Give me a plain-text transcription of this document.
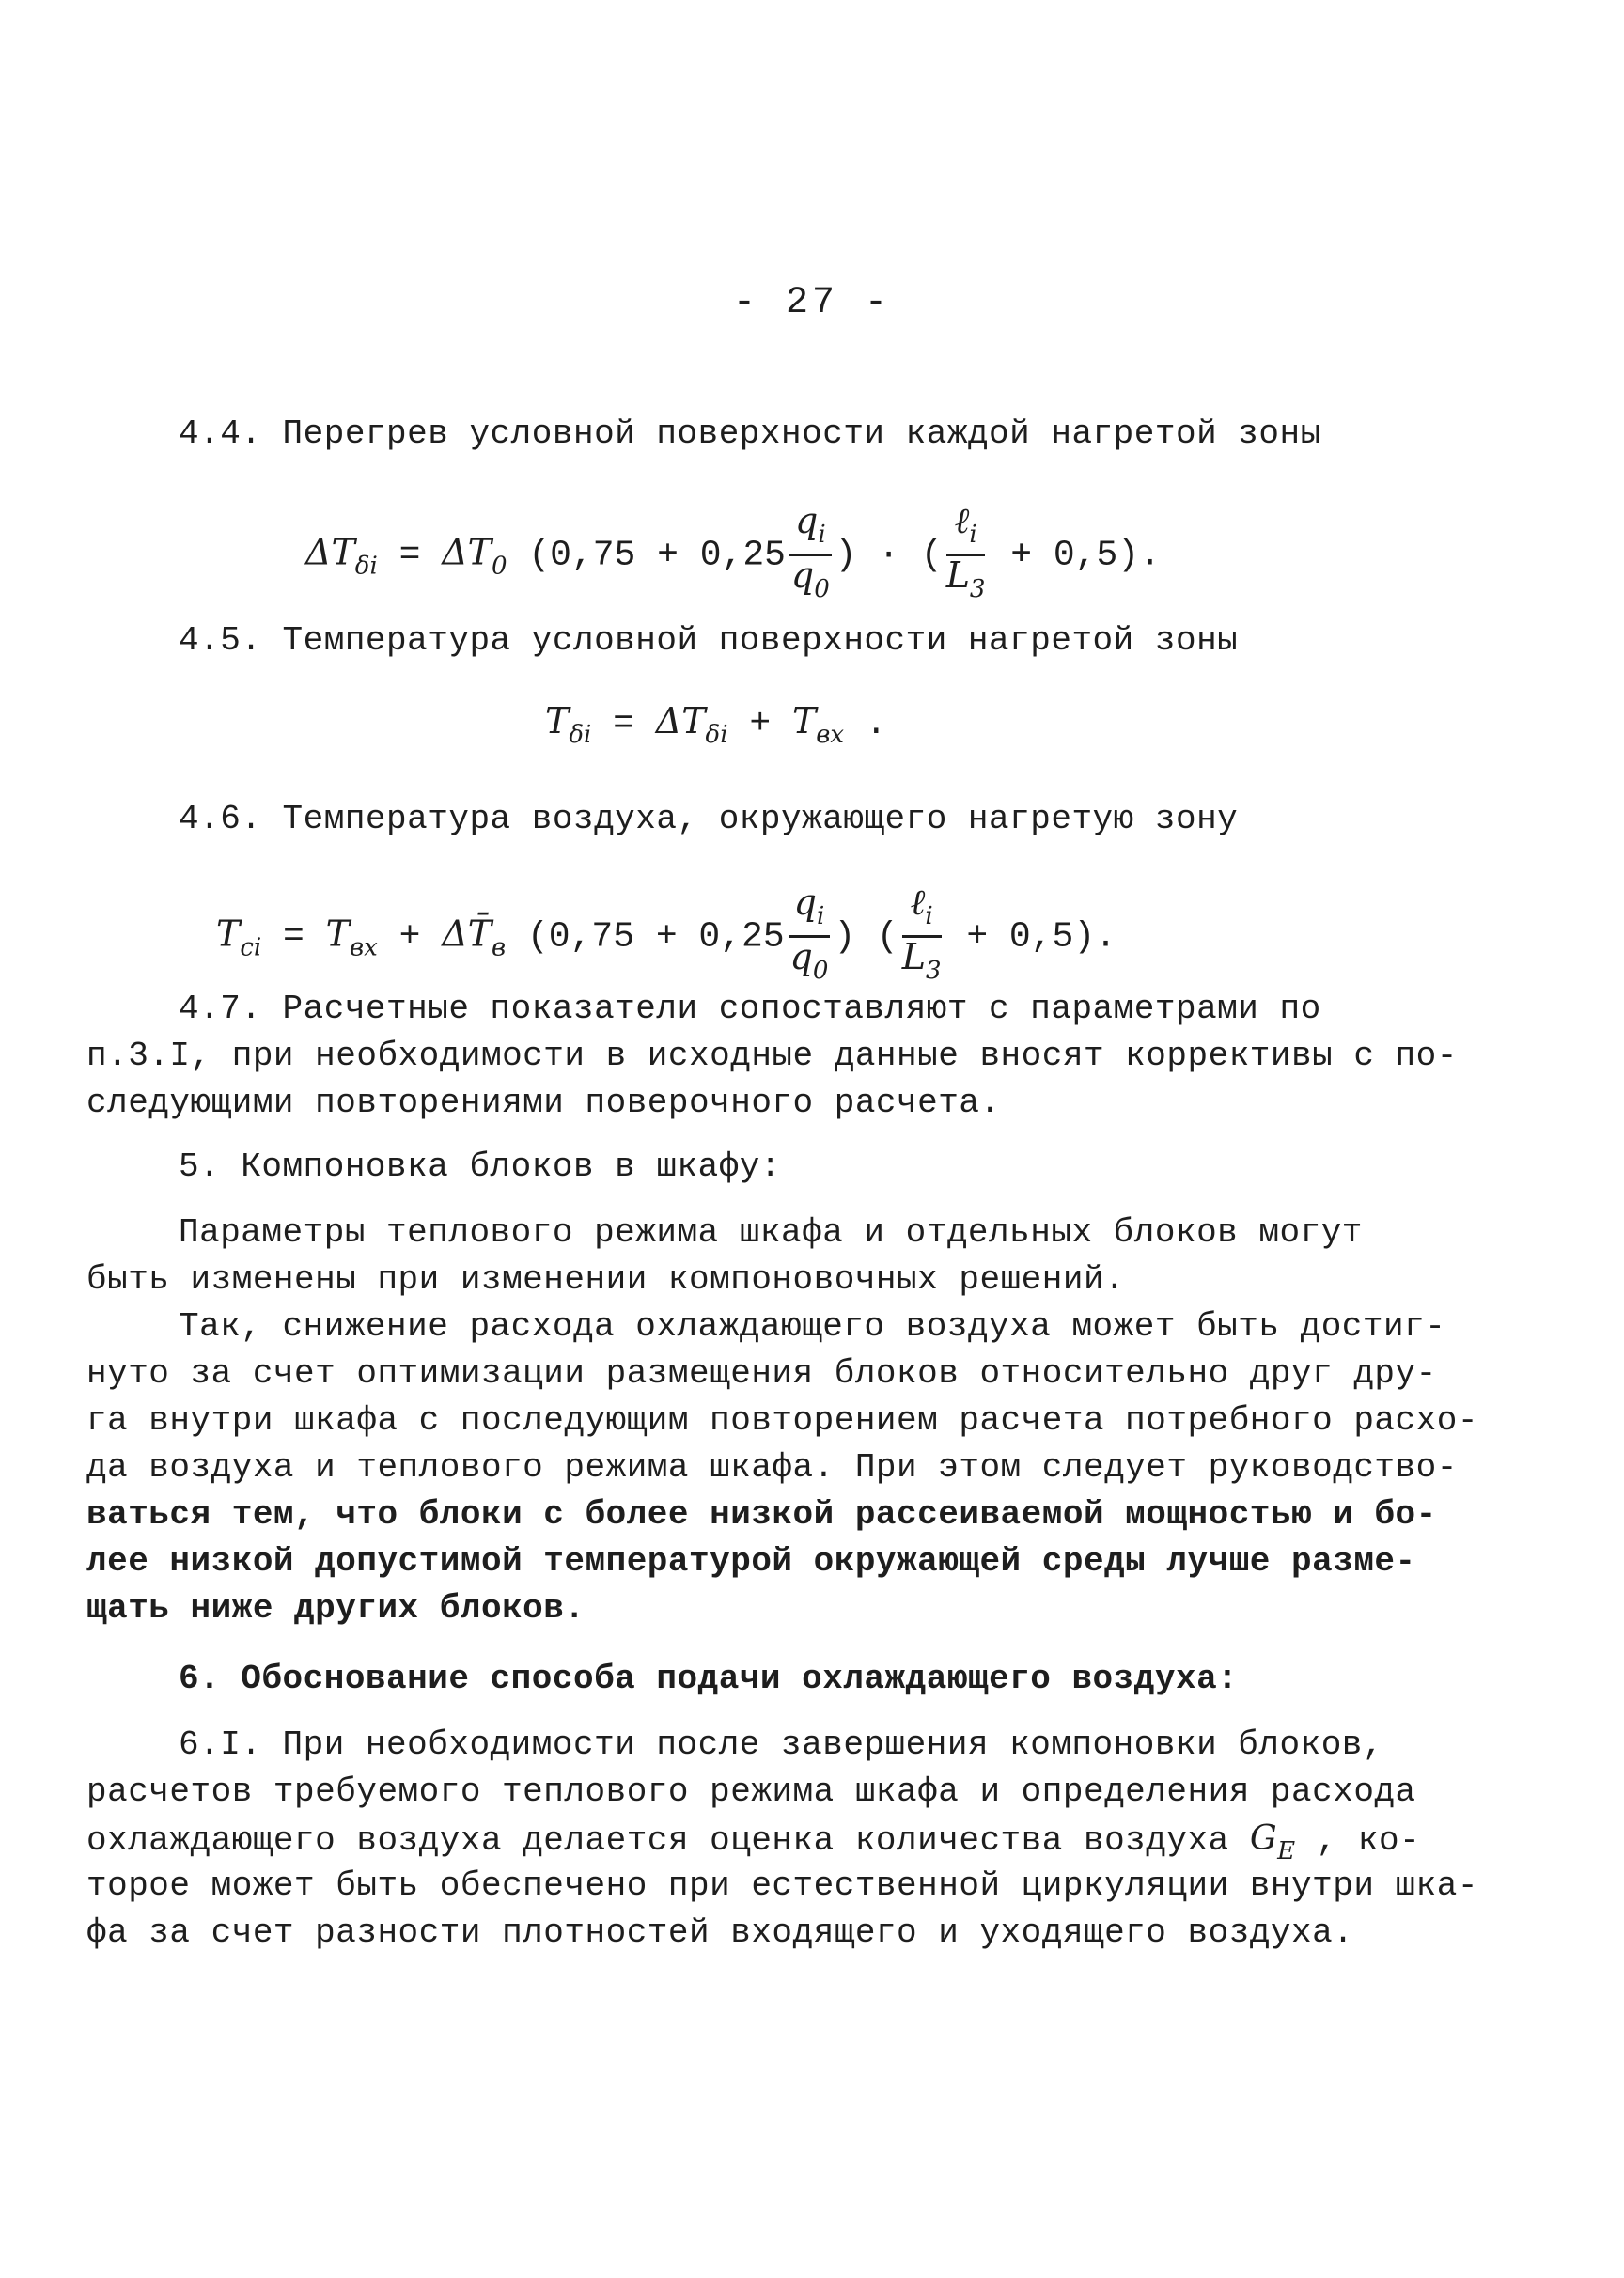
- 27 -
4.4. Перегрев условной поверхности каждой нагретой зоны
$\Delta T_{\delta i} = \Delta T_0$ ($0,75 + 0,25 \frac{q_i}{q_0}$ ) · ( $\frac{\ell_i}{L_3} + 0,5$).
4.5. Температура условной поверхности нагретой зоны
$T_{\delta i} = \Delta T_{\delta i} + T_{вх}$ .
4.6. Температура воздуха, окружающего нагретую зону
$T_{ci} = T_{вх}$ + $\Delta T̄_в$ ($0,75 + 0,25 \frac{q_i}{q_0}$ ) ( $\frac{\ell_i}{L_3} + 0,5$).
4.7. Расчетные показатели сопоставляют с параметрами по
п.3.I, при необходимости в исходные данные вносят коррективы с по-
следующими повторениями поверочного расчета.
5. Компоновка блоков в шкафу:
Параметры теплового режима шкафа и отдельных блоков могут
быть изменены при изменении компоновочных решений.
Так, снижение расхода охлаждающего воздуха может быть достиг-
нуто за счет оптимизации размещения блоков относительно друг дру-
га внутри шкафа с последующим повторением расчета потребного расхо-
да воздуха и теплового режима шкафа. При этом следует руководство-
ваться тем, что блоки с более низкой рассеиваемой мощностью и бо-
лее низкой допустимой температурой окружающей среды лучше разме-
щать ниже других блоков.
6. Обоснование способа подачи охлаждающего воздуха:
6.I. При необходимости после завершения компоновки блоков,
расчетов требуемого теплового режима шкафа и определения расхода
охлаждающего воздуха делается оценка количества воздуха $G_E$ , ко-
торое может быть обеспечено при естественной циркуляции внутри шка-
фа за счет разности плотностей входящего и уходящего воздуха.
